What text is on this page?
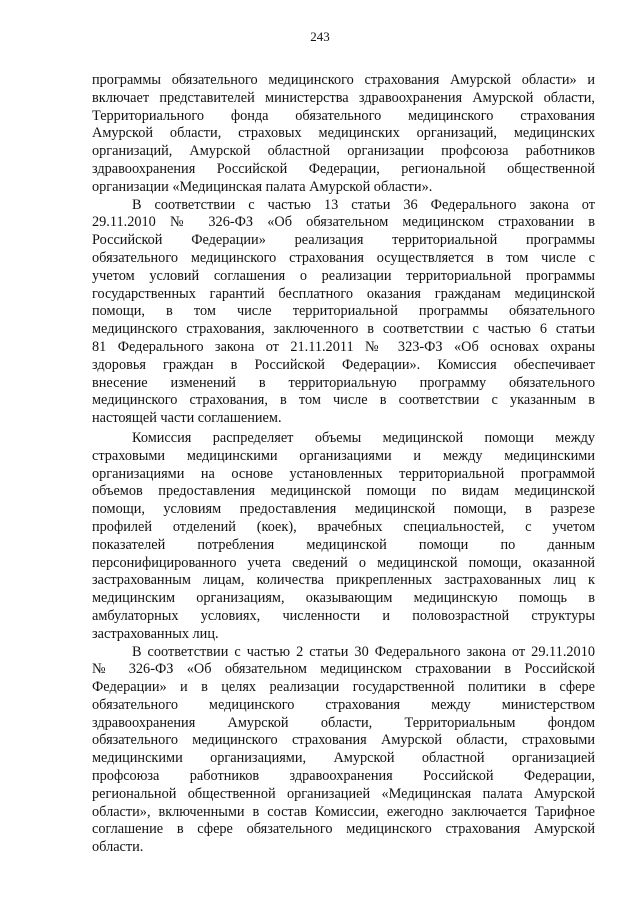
243
программы обязательного медицинского страхования Амурской области» и
включает представителей министерства здравоохранения Амурской области,
Территориального фонда обязательного медицинского страхования
Амурской области, страховых медицинских организаций, медицинских
организаций, Амурской областной организации профсоюза работников
здравоохранения Российской Федерации, региональной общественной
организации «Медицинская палата Амурской области».
В соответствии с частью 13 статьи 36 Федерального закона от
29.11.2010 № 326-ФЗ «Об обязательном медицинском страховании в
Российской Федерации» реализация территориальной программы
обязательного медицинского страхования осуществляется в том числе с
учетом условий соглашения о реализации территориальной программы
государственных гарантий бесплатного оказания гражданам медицинской
помощи, в том числе территориальной программы обязательного
медицинского страхования, заключенного в соответствии с частью 6 статьи
81 Федерального закона от 21.11.2011 № 323-ФЗ «Об основах охраны
здоровья граждан в Российской Федерации». Комиссия обеспечивает
внесение изменений в территориальную программу обязательного
медицинского страхования, в том числе в соответствии с указанным в
настоящей части соглашением.
Комиссия распределяет объемы медицинской помощи между
страховыми медицинскими организациями и между медицинскими
организациями на основе установленных территориальной программой
объемов предоставления медицинской помощи по видам медицинской
помощи, условиям предоставления медицинской помощи, в разрезе
профилей отделений (коек), врачебных специальностей, с учетом
показателей потребления медицинской помощи по данным
персонифицированного учета сведений о медицинской помощи, оказанной
застрахованным лицам, количества прикрепленных застрахованных лиц к
медицинским организациям, оказывающим медицинскую помощь в
амбулаторных условиях, численности и половозрастной структуры
застрахованных лиц.
В соответствии с частью 2 статьи 30 Федерального закона от 29.11.2010
№ 326-ФЗ «Об обязательном медицинском страховании в Российской
Федерации» и в целях реализации государственной политики в сфере
обязательного медицинского страхования между министерством
здравоохранения Амурской области, Территориальным фондом
обязательного медицинского страхования Амурской области, страховыми
медицинскими организациями, Амурской областной организацией
профсоюза работников здравоохранения Российской Федерации,
региональной общественной организацией «Медицинская палата Амурской
области», включенными в состав Комиссии, ежегодно заключается Тарифное
соглашение в сфере обязательного медицинского страхования Амурской
области.
